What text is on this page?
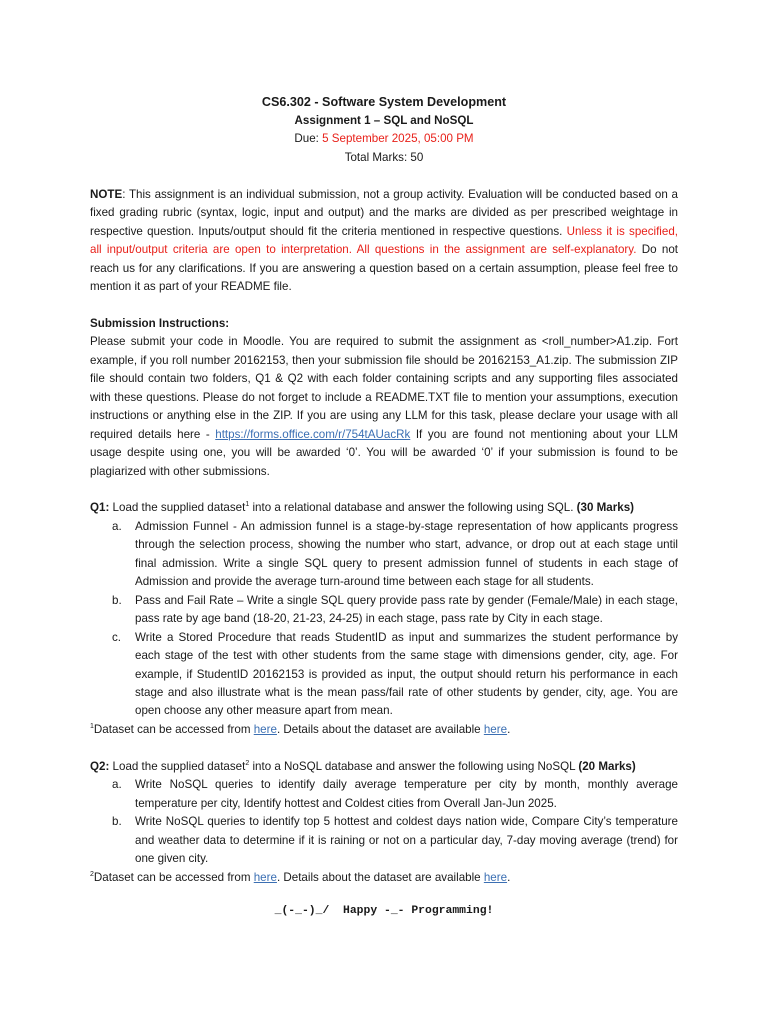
CS6.302 - Software System Development
Assignment 1 – SQL and NoSQL
Due: 5 September 2025, 05:00 PM
Total Marks: 50
NOTE: This assignment is an individual submission, not a group activity. Evaluation will be conducted based on a fixed grading rubric (syntax, logic, input and output) and the marks are divided as per prescribed weightage in respective question. Inputs/output should fit the criteria mentioned in respective questions. Unless it is specified, all input/output criteria are open to interpretation. All questions in the assignment are self-explanatory. Do not reach us for any clarifications. If you are answering a question based on a certain assumption, please feel free to mention it as part of your README file.
Submission Instructions:
Please submit your code in Moodle. You are required to submit the assignment as <roll_number>A1.zip. Fort example, if you roll number 20162153, then your submission file should be 20162153_A1.zip. The submission ZIP file should contain two folders, Q1 & Q2 with each folder containing scripts and any supporting files associated with these questions. Please do not forget to include a README.TXT file to mention your assumptions, execution instructions or anything else in the ZIP. If you are using any LLM for this task, please declare your usage with all required details here - https://forms.office.com/r/754tAUacRk If you are found not mentioning about your LLM usage despite using one, you will be awarded ‘0’. You will be awarded ‘0’ if your submission is found to be plagiarized with other submissions.
Q1: Load the supplied dataset$^1$ into a relational database and answer the following using SQL. (30 Marks)
a.	Admission Funnel - An admission funnel is a stage-by-stage representation of how applicants progress through the selection process, showing the number who start, advance, or drop out at each stage until final admission. Write a single SQL query to present admission funnel of students in each stage of Admission and provide the average turn-around time between each stage for all students.
b.	Pass and Fail Rate – Write a single SQL query provide pass rate by gender (Female/Male) in each stage, pass rate by age band (18-20, 21-23, 24-25) in each stage, pass rate by City in each stage.
c.	Write a Stored Procedure that reads StudentID as input and summarizes the student performance by each stage of the test with other students from the same stage with dimensions gender, city, age. For example, if StudentID 20162153 is provided as input, the output should return his performance in each stage and also illustrate what is the mean pass/fail rate of other students by gender, city, age. You are open choose any other measure apart from mean.
$^1$Dataset can be accessed from here. Details about the dataset are available here.
Q2: Load the supplied dataset$^2$ into a NoSQL database and answer the following using NoSQL (20 Marks)
a.	Write NoSQL queries to identify daily average temperature per city by month, monthly average temperature per city, Identify hottest and Coldest cities from Overall Jan-Jun 2025.
b.	Write NoSQL queries to identify top 5 hottest and coldest days nation wide, Compare City’s temperature and weather data to determine if it is raining or not on a particular day, 7-day moving average (trend) for one given city.
$^2$Dataset can be accessed from here. Details about the dataset are available here.
_(-_-)_/  Happy -_- Programming!
